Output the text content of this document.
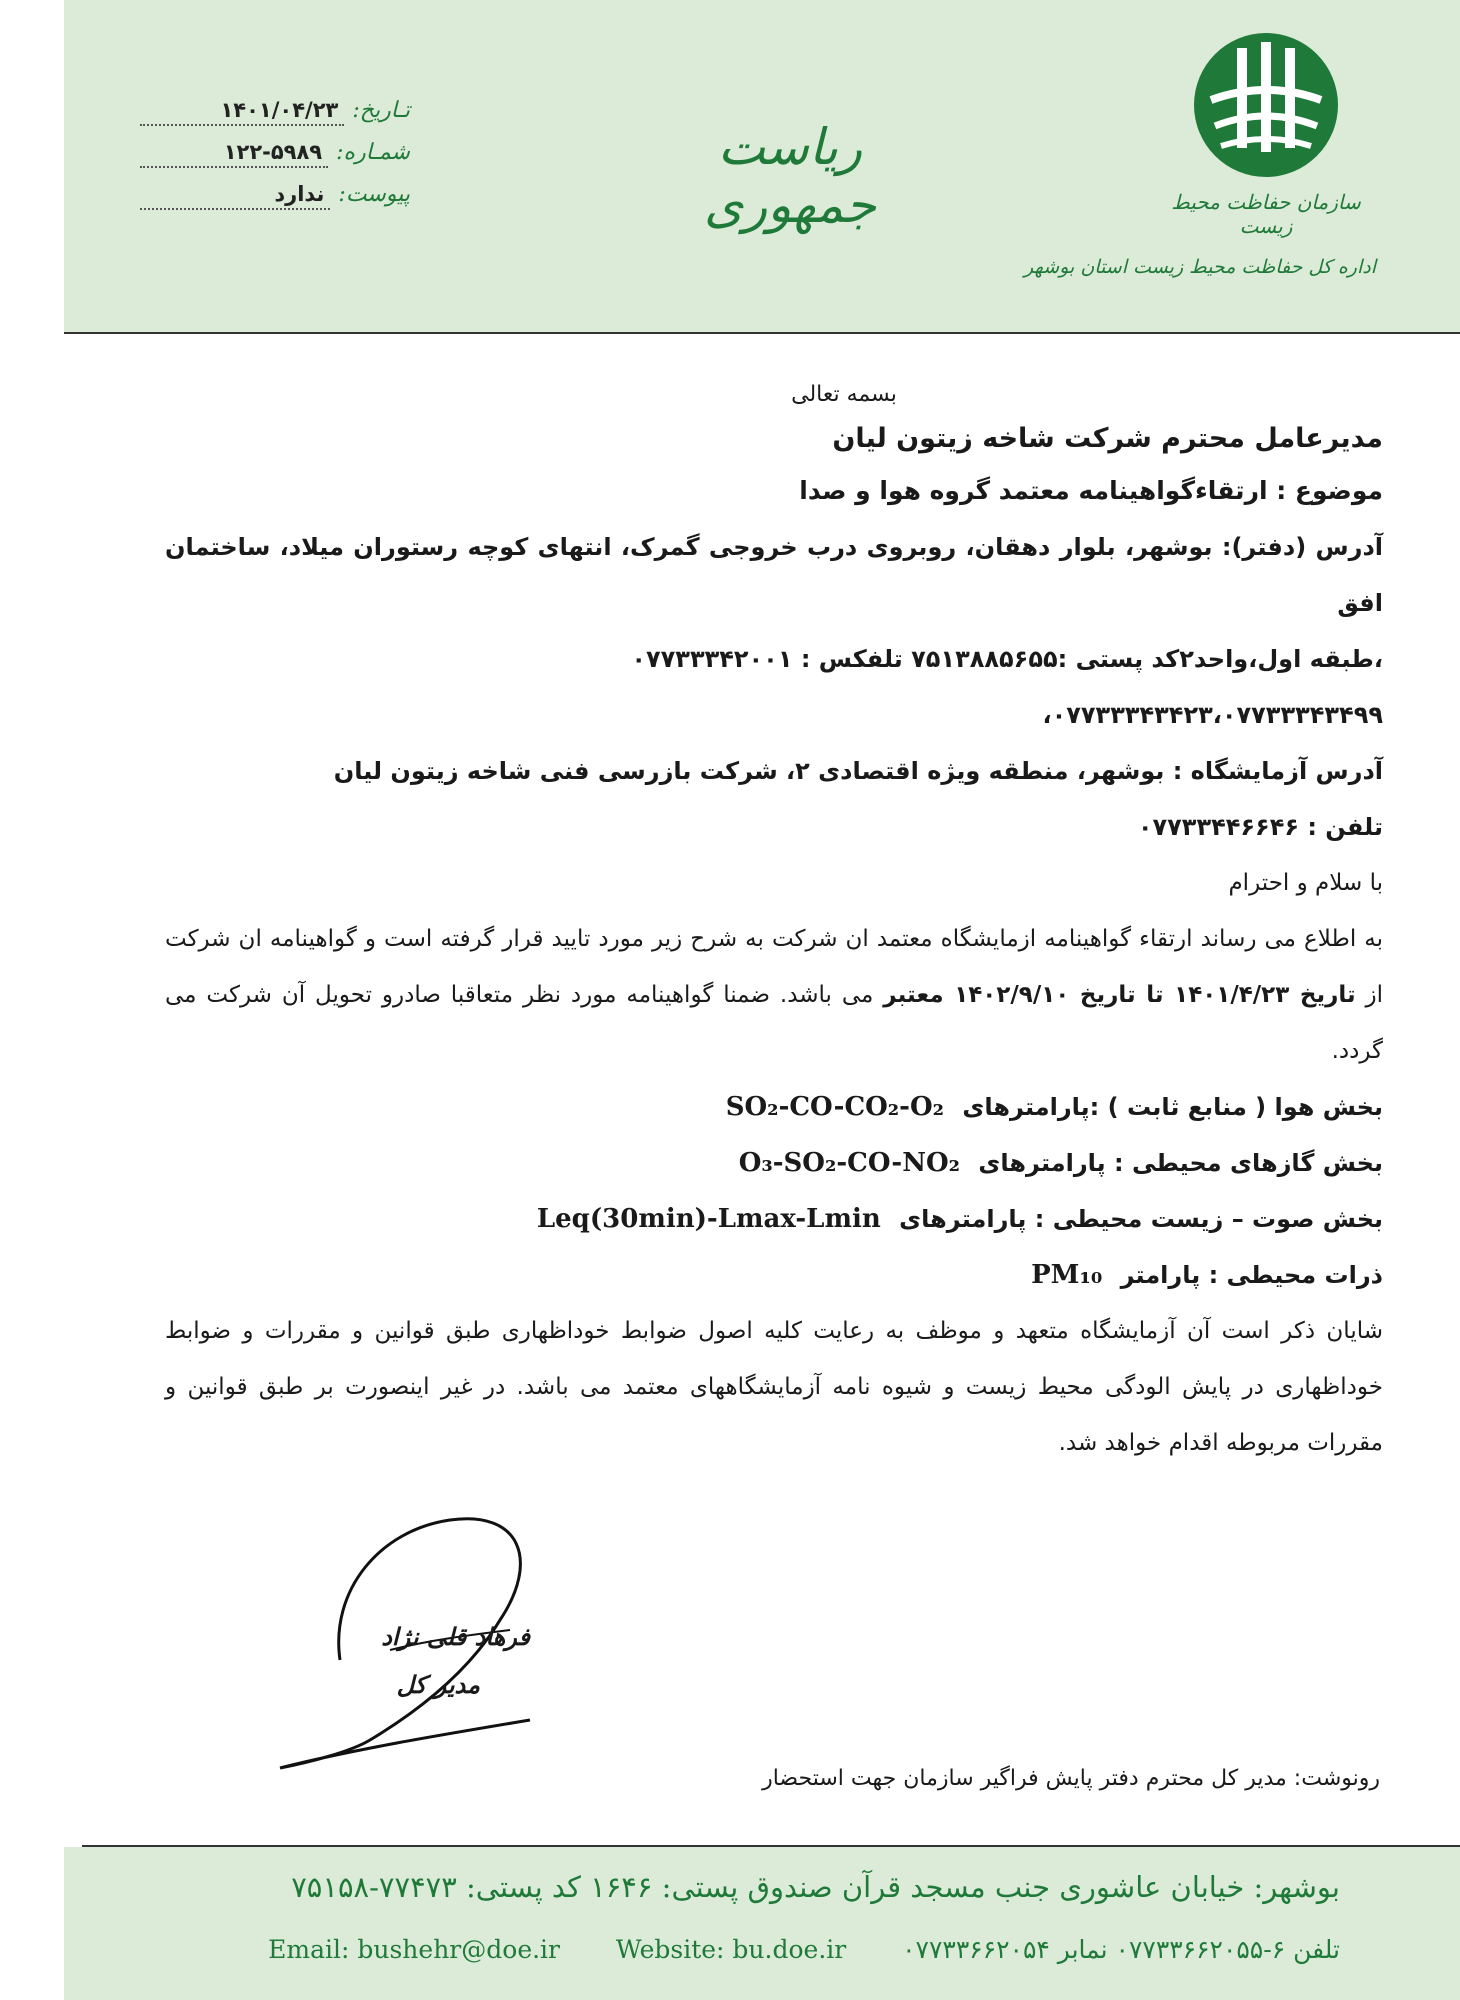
سازمان حفاظت محیط زیست
اداره کل حفاظت محیط زیست استان بوشهر
ریاست جمهوری
تـاریخ:
۱۴۰۱/۰۴/۲۳
شمـاره:
۱۲۲-۵۹۸۹
پیوست:
ندارد

بسمه تعالی

مدیرعامل محترم شرکت شاخه زیتون لیان

موضوع : ارتقاءگواهینامه معتمد گروه هوا و صدا

آدرس (دفتر): بوشهر، بلوار دهقان، روبروی درب خروجی گمرک، انتهای کوچه رستوران میلاد، ساختمان افق

،طبقه اول،واحد۲کد پستی :۷۵۱۳۸۸۵۶۵۵ تلفکس : ۰۷۷۳۳۳۴۲۰۰۱

۰۷۷۳۳۳۴۳۴۲۳،۰۷۷۳۳۳۴۳۴۹۹،

آدرس آزمایشگاه : بوشهر، منطقه ویژه اقتصادی ۲، شرکت بازرسی فنی شاخه زیتون لیان

تلفن : ۰۷۷۳۳۴۴۶۶۴۶

با سلام و احترام

به اطلاع می رساند ارتقاء گواهینامه ازمایشگاه معتمد ان شرکت به شرح زیر مورد تایید قرار گرفته است و گواهینامه ان شرکت از تاریخ ۱۴۰۱/۴/۲۳ تا تاریخ ۱۴۰۲/۹/۱۰ معتبر می باشد. ضمنا گواهینامه مورد نظر متعاقبا صادرو تحویل آن شرکت می گردد.

بخش هوا ( منابع ثابت ) :پارامترهای SO₂-CO-CO₂-O₂

بخش گازهای محیطی : پارامترهای O₃-SO₂-CO-NO₂

بخش صوت – زیست محیطی : پارامترهای Leq(30min)-Lmax-Lmin

ذرات محیطی : پارامتر PM₁₀

شایان ذکر است آن آزمایشگاه متعهد و موظف به رعایت کلیه اصول ضوابط خوداظهاری طبق قوانین و مقررات و ضوابط خوداظهاری در پایش الودگی محیط زیست و شیوه نامه آزمایشگاههای معتمد می باشد. در غیر اینصورت بر طبق قوانین و مقررات مربوطه اقدام خواهد شد.

فرهاد قلی نژاد
مدیر کل
رونوشت: مدیر کل محترم دفتر پایش فراگیر سازمان جهت استحضار
بوشهر: خیابان عاشوری جنب مسجد قرآن صندوق پستی: ۱۶۴۶ کد پستی: ۷۷۴۷۳-۷۵۱۵۸
تلفن ۶-۰۷۷۳۳۶۶۲۰۵۵ نمابر ۰۷۷۳۳۶۶۲۰۵۴  Website: bu.doe.ir  Email: bushehr@doe.ir
